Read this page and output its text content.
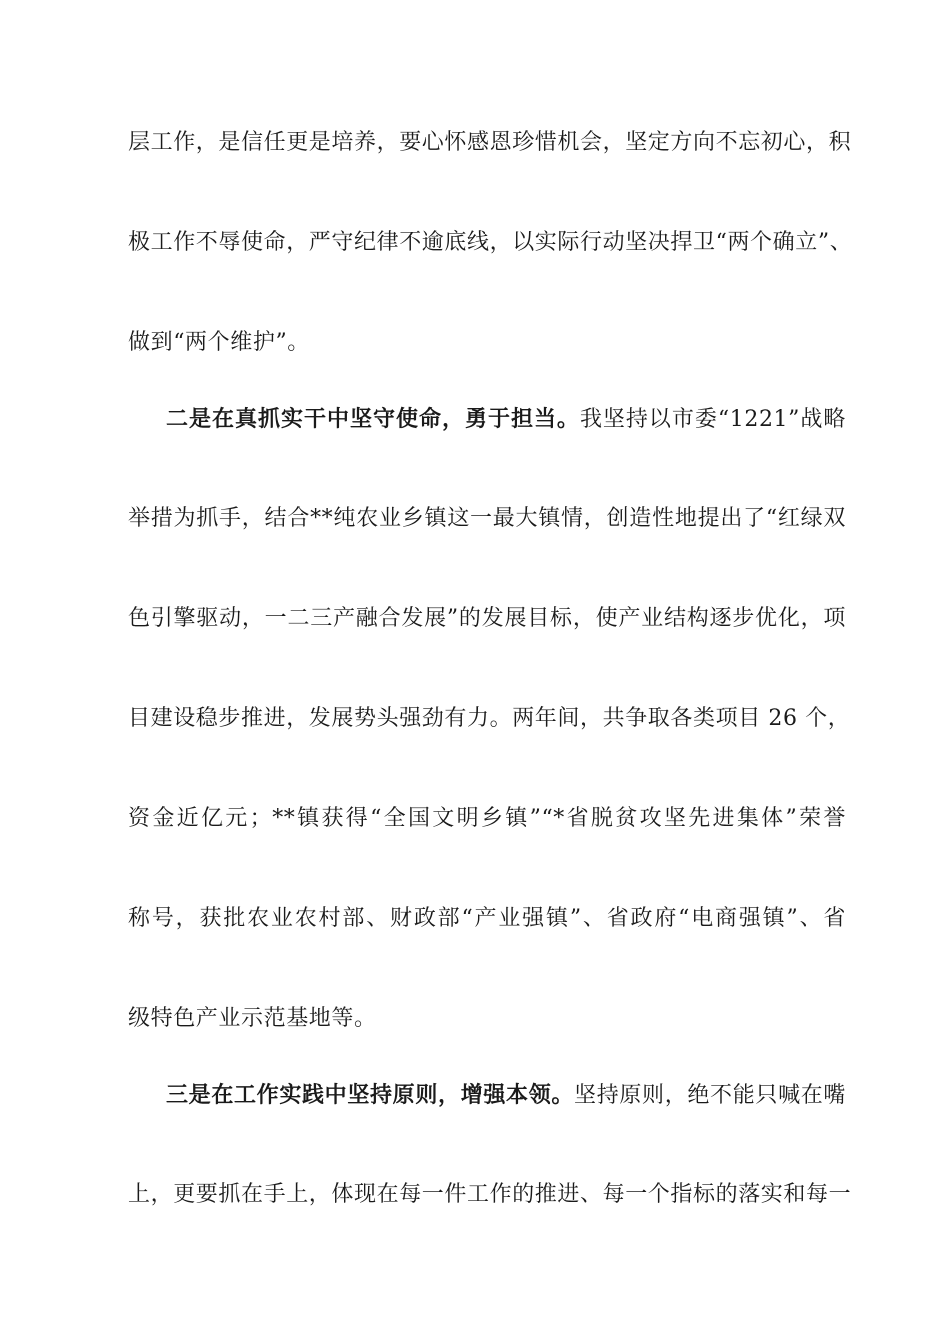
层工作，是信任更是培养，要心怀感恩珍惜机会，坚定方向不忘初心，积
极工作不辱使命，严守纪律不逾底线，以实际行动坚决捍卫“两个确立”、
做到“两个维护”。
二是在真抓实干中坚守使命，勇于担当。我坚持以市委“1221”战略
举措为抓手，结合**纯农业乡镇这一最大镇情，创造性地提出了“红绿双
色引擎驱动，一二三产融合发展”的发展目标，使产业结构逐步优化，项
目建设稳步推进，发展势头强劲有力。两年间，共争取各类项目 26 个，
资金近亿元；**镇获得“全国文明乡镇”“*省脱贫攻坚先进集体”荣誉
称号，获批农业农村部、财政部“产业强镇”、省政府“电商强镇”、省
级特色产业示范基地等。
三是在工作实践中坚持原则，增强本领。坚持原则，绝不能只喊在嘴
上，更要抓在手上，体现在每一件工作的推进、每一个指标的落实和每一
